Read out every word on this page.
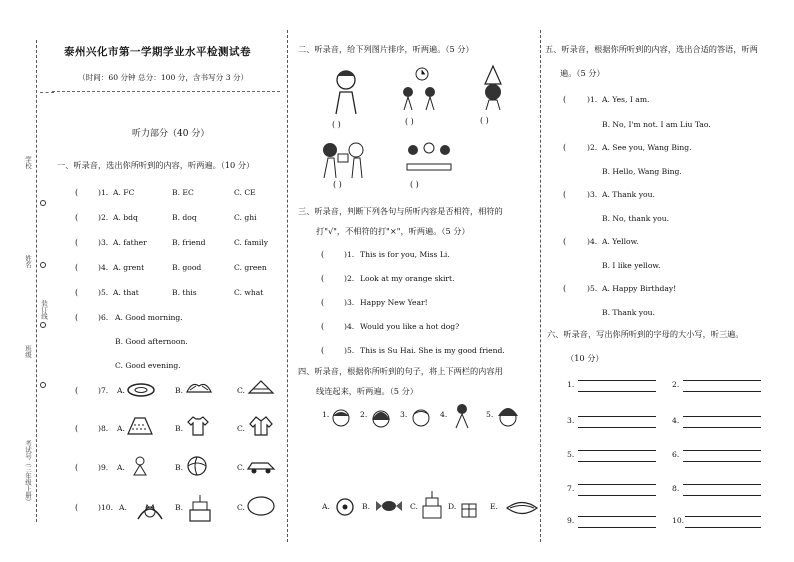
学校
姓名
班级
考试号（三年级上册）
装订线
泰州兴化市第一学期学业水平检测试卷
（时间：60 分钟 总分：100 分，含书写分 3 分）
听力部分（40 分）
一、听录音，选出你所听到的内容，听两遍。（10 分）
(	)1. A. FC	B. EC	C. CE
(	)2. A. bdq	B. doq	C. ghi
(	)3. A. father	B. friend	C. family
(	)4. A. grent	B. good	C. green
(	)5. A. that	B. this	C. what
(	)6. A. Good morning.
B. Good afternoon.
C. Good evening.
(	)7. A.	B.	C.
(	)8. A.	B.	C.
(	)9. A.	B.	C.
(	)10. A.	B.	C.
二、听录音，给下列图片排序，听两遍。（5 分）
( )	( )	( )
( )	( )
三、听录音，判断下列各句与所听内容是否相符，相符的
打"√"，不相符的打"×"，听两遍。（5 分）
(	)1. This is for you, Miss Li.
(	)2. Look at my orange skirt.
(	)3. Happy New Year!
(	)4. Would you like a hot dog?
(	)5. This is Su Hai. She is my good friend.
四、听录音，根据你所听到的句子，将上下两栏的内容用
线连起来，听两遍。（5 分）
1.	2.	3.	4.	5.
A.	B.	C.	D.	E.
五、听录音，根据你所听到的内容，选出合适的答语，听两
遍。（5 分）
(	)1. A. Yes, I am.
B. No, I'm not. I am Liu Tao.
(	)2. A. See you, Wang Bing.
B. Hello, Wang Bing.
(	)3. A. Thank you.
B. No, thank you.
(	)4. A. Yellow.
B. I like yellow.
(	)5. A. Happy Birthday!
B. Thank you.
六、听录音，写出你所听到的字母的大小写，听三遍。
（10 分）
1.	2.
3.	4.
5.	6.
7.	8.
9.	10.
